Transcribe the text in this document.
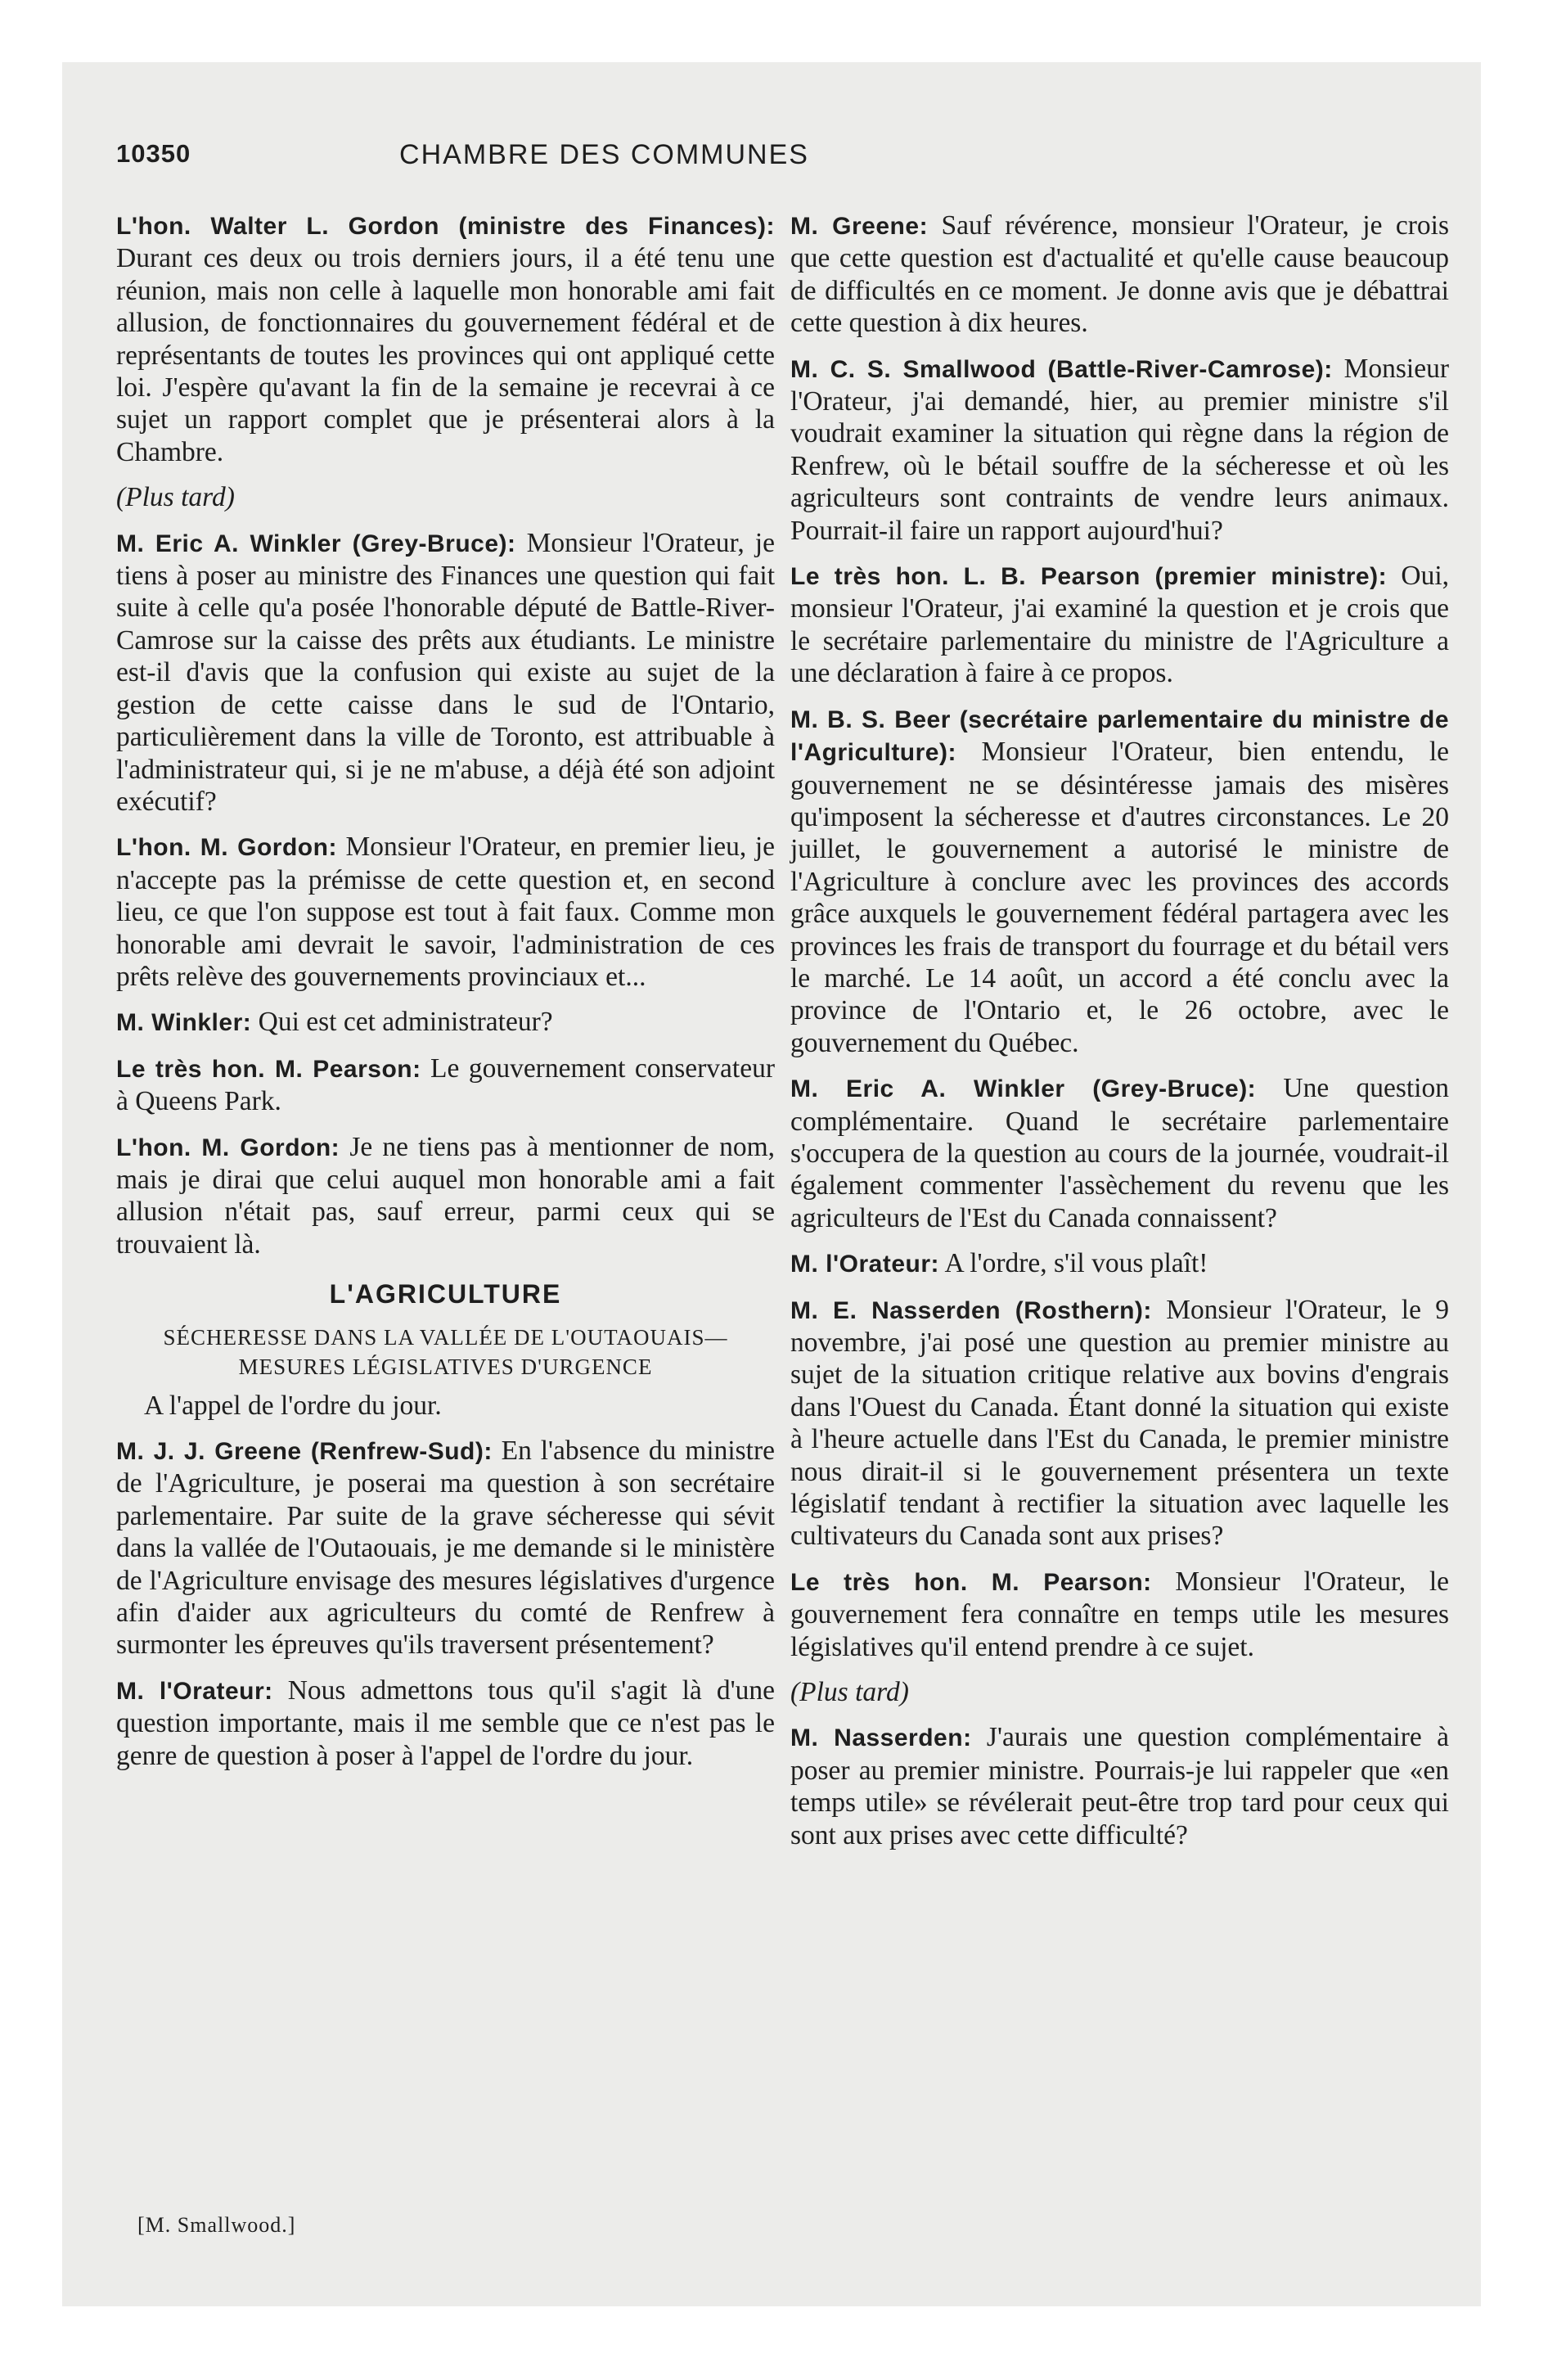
10350	CHAMBRE DES COMMUNES

L'hon. Walter L. Gordon (ministre des Finances): Durant ces deux ou trois derniers jours, il a été tenu une réunion, mais non celle à laquelle mon honorable ami fait allusion, de fonctionnaires du gouvernement fédéral et de représentants de toutes les provinces qui ont appliqué cette loi. J'espère qu'avant la fin de la semaine je recevrai à ce sujet un rapport complet que je présenterai alors à la Chambre.

(Plus tard)

M. Eric A. Winkler (Grey-Bruce): Monsieur l'Orateur, je tiens à poser au ministre des Finances une question qui fait suite à celle qu'a posée l'honorable député de Battle-River-Camrose sur la caisse des prêts aux étudiants. Le ministre est-il d'avis que la confusion qui existe au sujet de la gestion de cette caisse dans le sud de l'Ontario, particulièrement dans la ville de Toronto, est attribuable à l'administrateur qui, si je ne m'abuse, a déjà été son adjoint exécutif?

L'hon. M. Gordon: Monsieur l'Orateur, en premier lieu, je n'accepte pas la prémisse de cette question et, en second lieu, ce que l'on suppose est tout à fait faux. Comme mon honorable ami devrait le savoir, l'administration de ces prêts relève des gouvernements provinciaux et...

M. Winkler: Qui est cet administrateur?

Le très hon. M. Pearson: Le gouvernement conservateur à Queens Park.

L'hon. M. Gordon: Je ne tiens pas à mentionner de nom, mais je dirai que celui auquel mon honorable ami a fait allusion n'était pas, sauf erreur, parmi ceux qui se trouvaient là.

L'AGRICULTURE
SÉCHERESSE DANS LA VALLÉE DE L'OUTAOUAIS—MESURES LÉGISLATIVES D'URGENCE

A l'appel de l'ordre du jour.

M. J. J. Greene (Renfrew-Sud): En l'absence du ministre de l'Agriculture, je poserai ma question à son secrétaire parlementaire. Par suite de la grave sécheresse qui sévit dans la vallée de l'Outaouais, je me demande si le ministère de l'Agriculture envisage des mesures législatives d'urgence afin d'aider aux agriculteurs du comté de Renfrew à surmonter les épreuves qu'ils traversent présentement?

M. l'Orateur: Nous admettons tous qu'il s'agit là d'une question importante, mais il me semble que ce n'est pas le genre de question à poser à l'appel de l'ordre du jour.

[M. Smallwood.]

M. Greene: Sauf révérence, monsieur l'Orateur, je crois que cette question est d'actualité et qu'elle cause beaucoup de difficultés en ce moment. Je donne avis que je débattrai cette question à dix heures.

M. C. S. Smallwood (Battle-River-Camrose): Monsieur l'Orateur, j'ai demandé, hier, au premier ministre s'il voudrait examiner la situation qui règne dans la région de Renfrew, où le bétail souffre de la sécheresse et où les agriculteurs sont contraints de vendre leurs animaux. Pourrait-il faire un rapport aujourd'hui?

Le très hon. L. B. Pearson (premier ministre): Oui, monsieur l'Orateur, j'ai examiné la question et je crois que le secrétaire parlementaire du ministre de l'Agriculture a une déclaration à faire à ce propos.

M. B. S. Beer (secrétaire parlementaire du ministre de l'Agriculture): Monsieur l'Orateur, bien entendu, le gouvernement ne se désintéresse jamais des misères qu'imposent la sécheresse et d'autres circonstances. Le 20 juillet, le gouvernement a autorisé le ministre de l'Agriculture à conclure avec les provinces des accords grâce auxquels le gouvernement fédéral partagera avec les provinces les frais de transport du fourrage et du bétail vers le marché. Le 14 août, un accord a été conclu avec la province de l'Ontario et, le 26 octobre, avec le gouvernement du Québec.

M. Eric A. Winkler (Grey-Bruce): Une question complémentaire. Quand le secrétaire parlementaire s'occupera de la question au cours de la journée, voudrait-il également commenter l'assèchement du revenu que les agriculteurs de l'Est du Canada connaissent?

M. l'Orateur: A l'ordre, s'il vous plaît!

M. E. Nasserden (Rosthern): Monsieur l'Orateur, le 9 novembre, j'ai posé une question au premier ministre au sujet de la situation critique relative aux bovins d'engrais dans l'Ouest du Canada. Étant donné la situation qui existe à l'heure actuelle dans l'Est du Canada, le premier ministre nous dirait-il si le gouvernement présentera un texte législatif tendant à rectifier la situation avec laquelle les cultivateurs du Canada sont aux prises?

Le très hon. M. Pearson: Monsieur l'Orateur, le gouvernement fera connaître en temps utile les mesures législatives qu'il entend prendre à ce sujet.

(Plus tard)

M. Nasserden: J'aurais une question complémentaire à poser au premier ministre. Pourrais-je lui rappeler que «en temps utile» se révélerait peut-être trop tard pour ceux qui sont aux prises avec cette difficulté?
